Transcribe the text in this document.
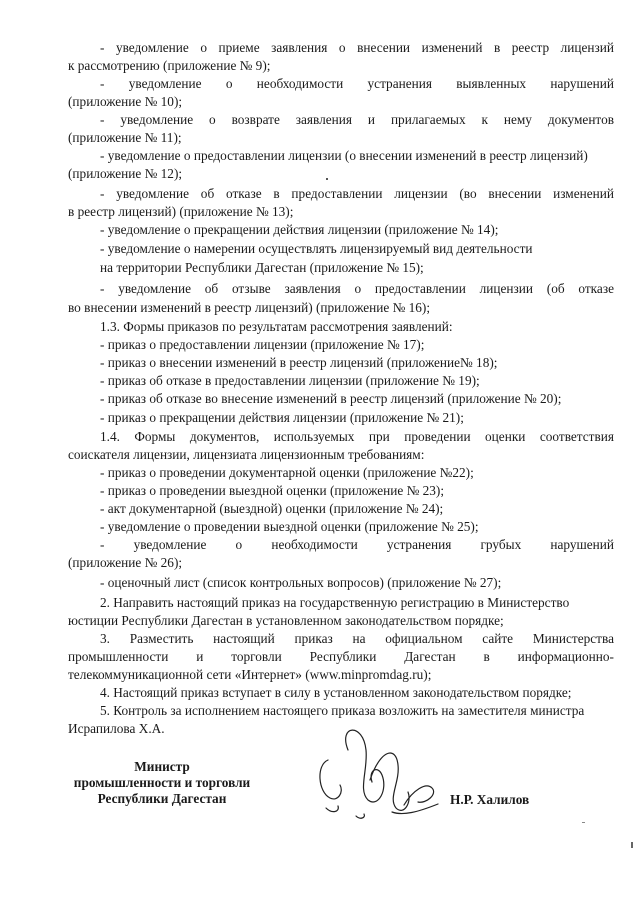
- уведомление о приеме заявления о внесении изменений в реестр лицензий
к рассмотрению (приложение № 9);
- уведомление о необходимости устранения выявленных нарушений
(приложение № 10);
- уведомление о возврате заявления и прилагаемых к нему документов
(приложение № 11);
- уведомление о предоставлении лицензии (о внесении изменений в реестр лицензий)
(приложение № 12);
- уведомление об отказе в предоставлении лицензии (во внесении изменений
в реестр лицензий) (приложение № 13);
- уведомление о прекращении действия лицензии (приложение № 14);
- уведомление о намерении осуществлять лицензируемый вид деятельности
на территории Республики Дагестан (приложение № 15);
- уведомление об отзыве заявления о предоставлении лицензии (об отказе
во внесении изменений в реестр лицензий) (приложение № 16);
1.3. Формы приказов по результатам рассмотрения заявлений:
- приказ о предоставлении лицензии (приложение № 17);
- приказ о внесении изменений в реестр лицензий (приложение№ 18);
- приказ об отказе в предоставлении лицензии (приложение № 19);
- приказ об отказе во внесение изменений в реестр лицензий (приложение № 20);
- приказ о прекращении действия лицензии (приложение № 21);
1.4. Формы документов, используемых при проведении оценки соответствия
соискателя лицензии, лицензиата лицензионным требованиям:
- приказ о проведении документарной оценки (приложение №22);
- приказ о проведении выездной оценки (приложение № 23);
- акт документарной (выездной) оценки (приложение № 24);
- уведомление о проведении выездной оценки (приложение № 25);
- уведомление о необходимости устранения грубых нарушений
(приложение № 26);
- оценочный лист (список контрольных вопросов) (приложение № 27);
2. Направить настоящий приказ на государственную регистрацию в Министерство
юстиции Республики Дагестан в установленном законодательством порядке;
3. Разместить настоящий приказ на официальном сайте Министерства
промышленности и торговли Республики Дагестан в информационно-
телекоммуникационной сети «Интернет» (www.minpromdag.ru);
4. Настоящий приказ вступает в силу в установленном законодательством порядке;
5. Контроль за исполнением настоящего приказа возложить на заместителя министра
Исрапилова Х.А.
Министр
промышленности и торговли
Республики Дагестан	Н.Р. Халилов
